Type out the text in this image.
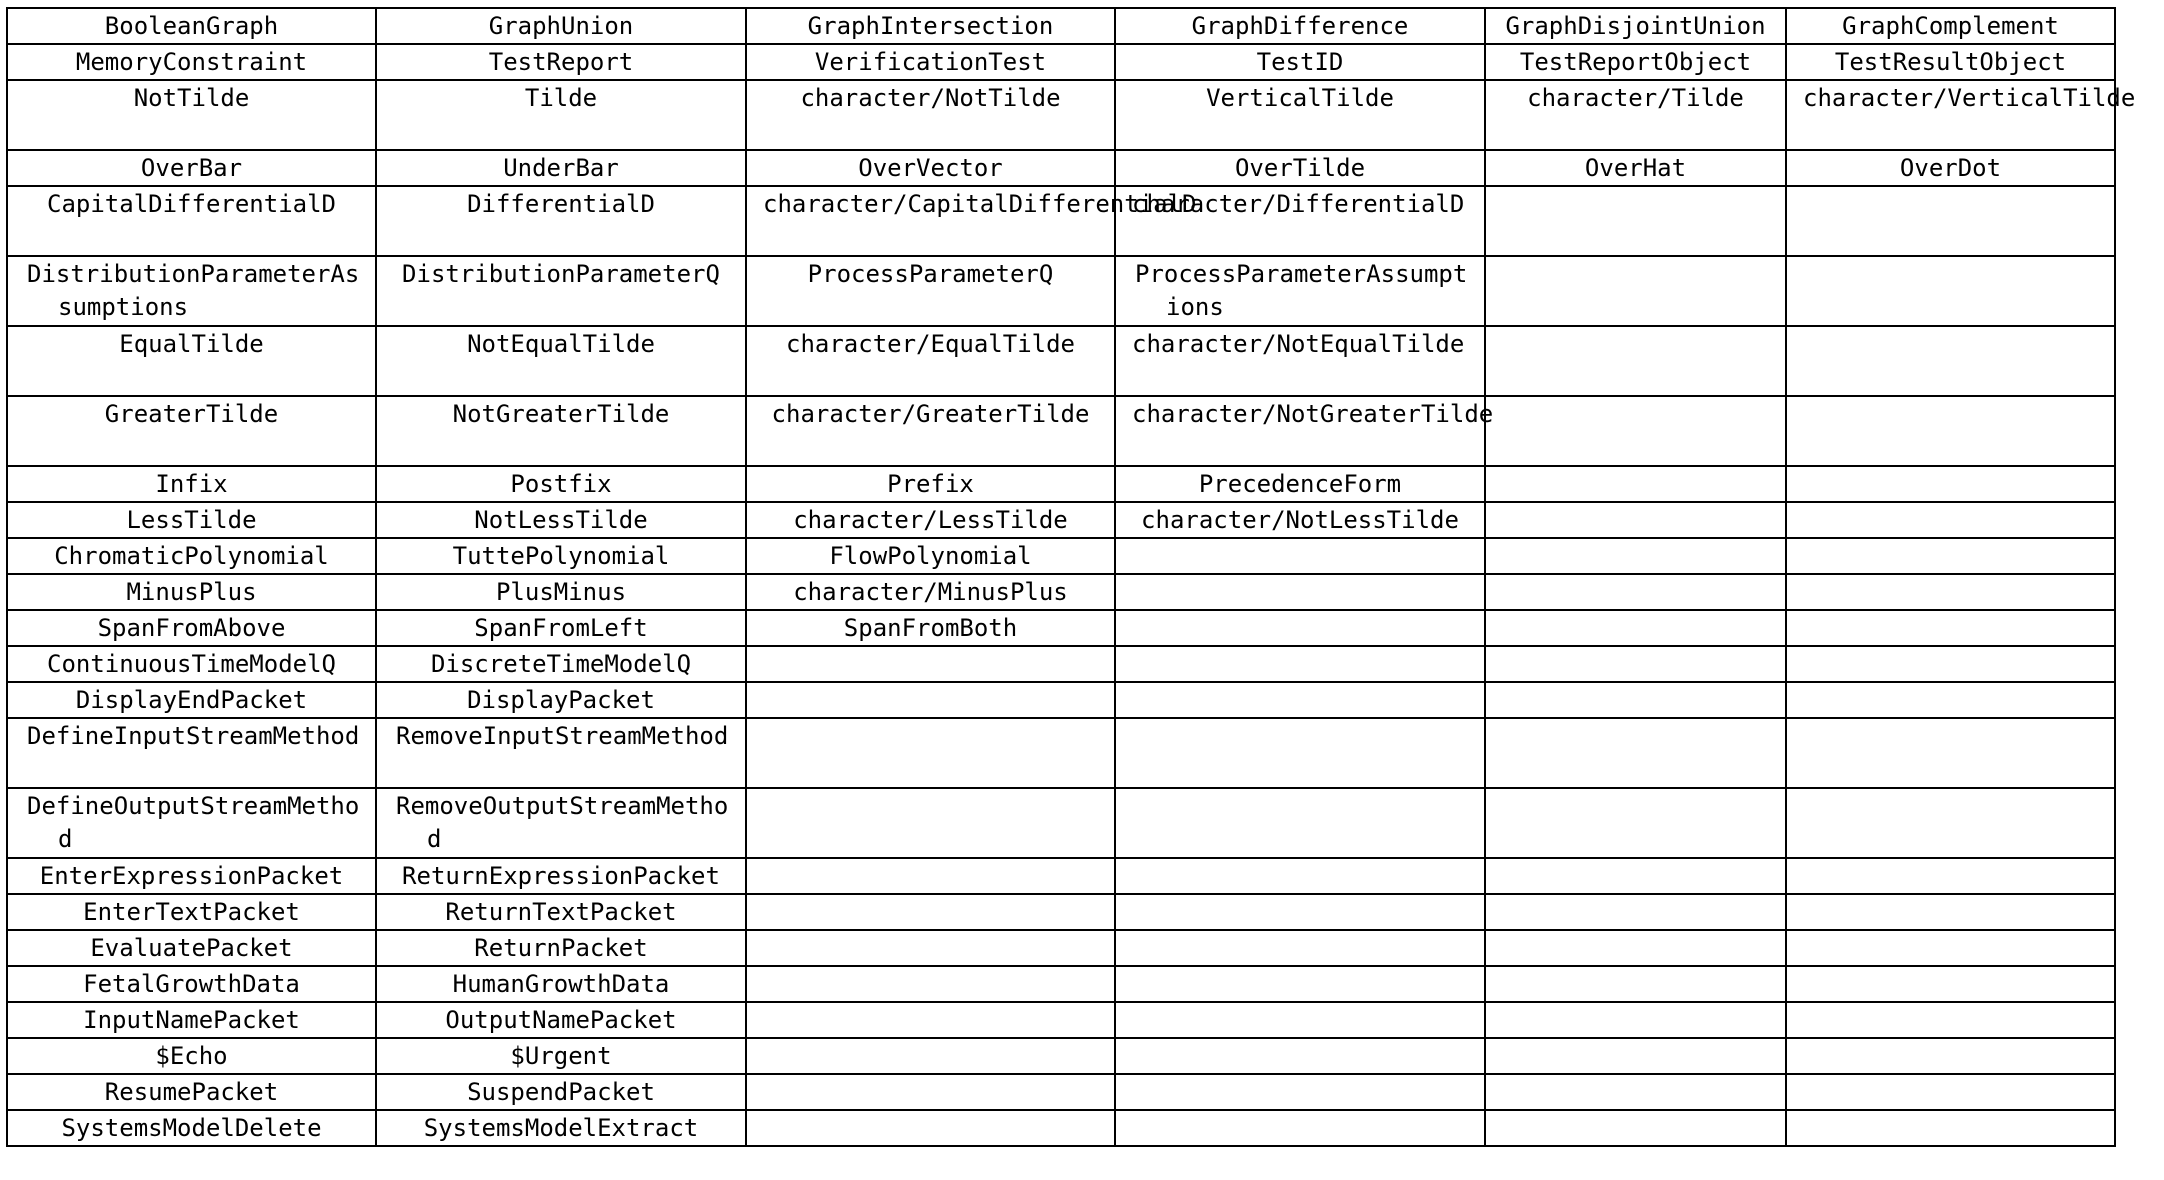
BooleanGraph	GraphUnion	GraphIntersection	GraphDifference	GraphDisjointUnion	GraphComplement
MemoryConstraint	TestReport	VerificationTest	TestID	TestReportObject	TestResultObject
NotTilde	Tilde	character/NotTilde	VerticalTilde	character/Tilde	character/VerticalTilde
OverBar	UnderBar	OverVector	OverTilde	OverHat	OverDot
CapitalDifferentialD	DifferentialD	character/CapitalDifferentialD	character/DifferentialD		
DistributionParameterAssumptions	DistributionParameterQ	ProcessParameterQ	ProcessParameterAssumptions		
EqualTilde	NotEqualTilde	character/EqualTilde	character/NotEqualTilde		
GreaterTilde	NotGreaterTilde	character/GreaterTilde	character/NotGreaterTilde		
Infix	Postfix	Prefix	PrecedenceForm		
LessTilde	NotLessTilde	character/LessTilde	character/NotLessTilde		
ChromaticPolynomial	TuttePolynomial	FlowPolynomial			
MinusPlus	PlusMinus	character/MinusPlus			
SpanFromAbove	SpanFromLeft	SpanFromBoth			
ContinuousTimeModelQ	DiscreteTimeModelQ				
DisplayEndPacket	DisplayPacket				
DefineInputStreamMethod	RemoveInputStreamMethod				
DefineOutputStreamMethod	RemoveOutputStreamMethod				
EnterExpressionPacket	ReturnExpressionPacket				
EnterTextPacket	ReturnTextPacket				
EvaluatePacket	ReturnPacket				
FetalGrowthData	HumanGrowthData				
InputNamePacket	OutputNamePacket				
$Echo	$Urgent				
ResumePacket	SuspendPacket				
SystemsModelDelete	SystemsModelExtract				
